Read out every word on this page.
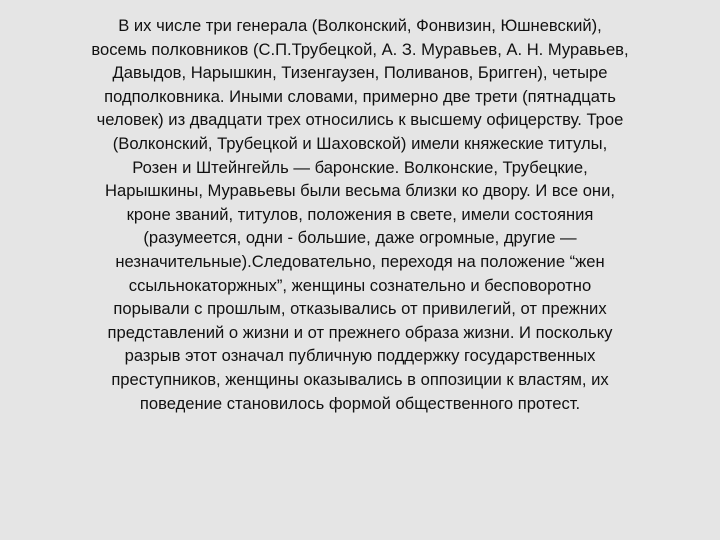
В их числе три генерала (Волконский, Фонвизин, Юшневский),
восемь полковников (С.П.Трубецкой, А. З. Муравьев, А. Н. Муравьев,
Давыдов, Нарышкин, Тизенгаузен, Поливанов, Бригген), четыре
подполковника. Иными словами, примерно две трети (пятнадцать
человек) из двадцати трех относились к высшему офицерству. Трое
(Волконский, Трубецкой и Шаховской) имели княжеские титулы,
Розен и Штейнгейль — баронские. Волконские, Трубецкие,
Нарышкины, Муравьевы были весьма близки ко двору. И все они,
кроне званий, титулов, положения в свете, имели состояния
(разумеется, одни - большие, даже огромные, другие —
незначительные).Следовательно, переходя на положение “жен
ссыльнокаторжных”, женщины сознательно и бесповоротно
порывали с прошлым, отказывались от привилегий, от прежних
представлений о жизни и от прежнего образа жизни. И поскольку
разрыв этот означал публичную поддержку государственных
преступников, женщины оказывались в оппозиции к властям, их
поведение становилось формой общественного протест.
